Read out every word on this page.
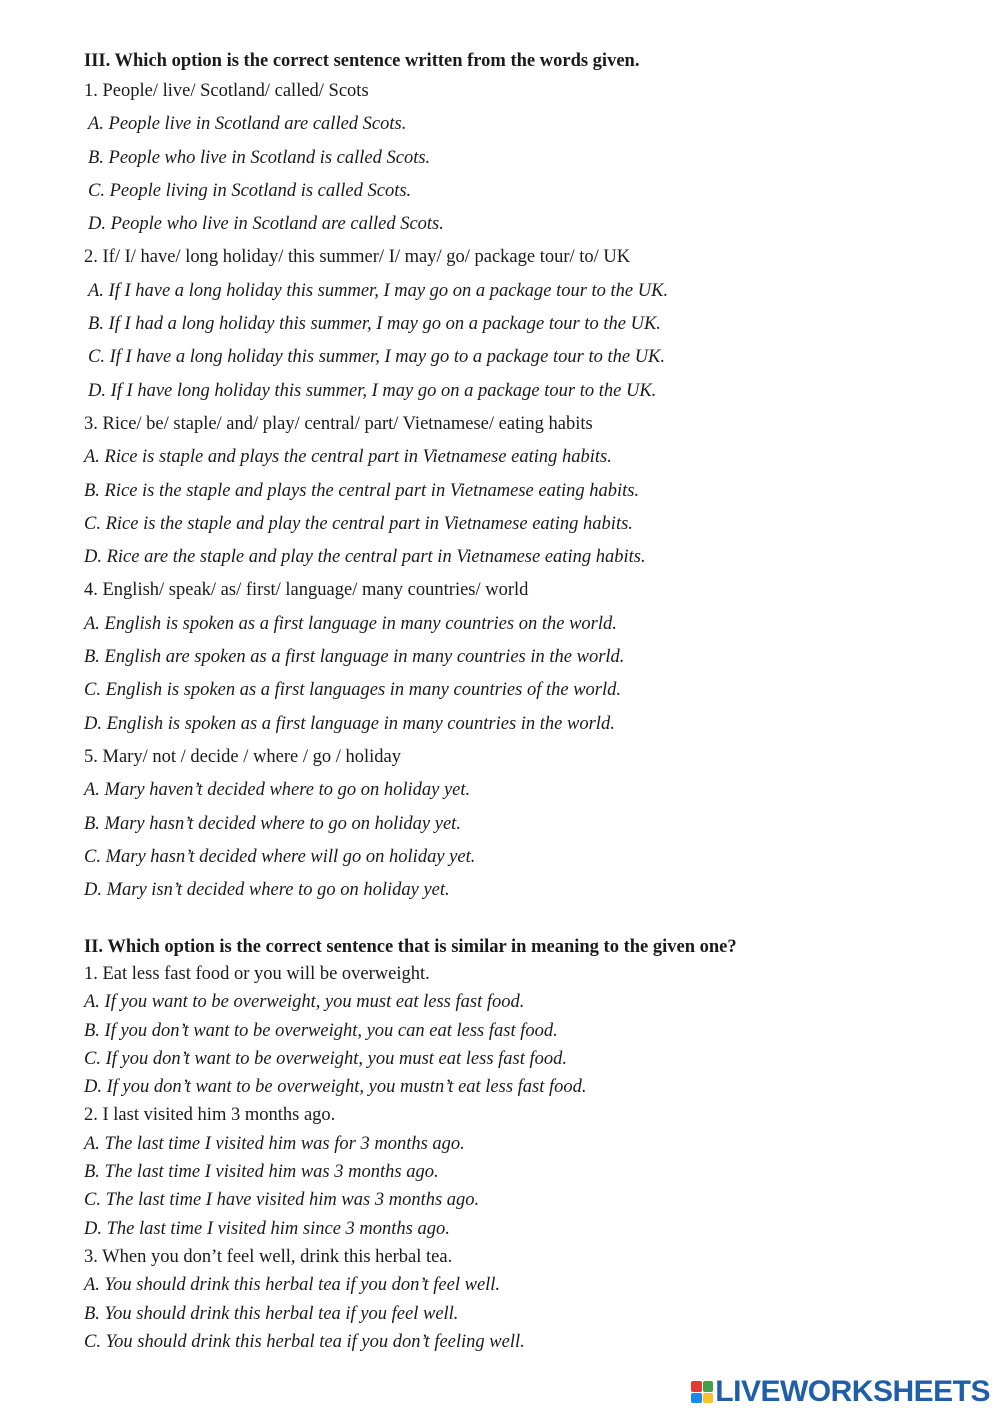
III. Which option is the correct sentence written from the words given.
1. People/ live/ Scotland/ called/ Scots
A. People live in Scotland are called Scots.
B. People who live in Scotland is called Scots.
C. People living in Scotland is called Scots.
D. People who live in Scotland are called Scots.
2. If/ I/ have/ long holiday/ this summer/ I/ may/ go/ package tour/ to/ UK
A. If I have a long holiday this summer, I may go on a package tour to the UK.
B. If I had a long holiday this summer, I may go on a package tour to the UK.
C. If I have a long holiday this summer, I may go to a package tour to the UK.
D. If I have long holiday this summer, I may go on a package tour to the UK.
3. Rice/ be/ staple/ and/ play/ central/ part/ Vietnamese/ eating habits
A. Rice is staple and plays the central part in Vietnamese eating habits.
B. Rice is the staple and plays the central part in Vietnamese eating habits.
C. Rice is the staple and play the central part in Vietnamese eating habits.
D. Rice are the staple and play the central part in Vietnamese eating habits.
4. English/ speak/ as/ first/ language/ many countries/ world
A. English is spoken as a first language in many countries on the world.
B. English are spoken as a first language in many countries in the world.
C. English is spoken as a first languages in many countries of the world.
D. English is spoken as a first language in many countries in the world.
5. Mary/ not / decide / where / go / holiday
A. Mary haven’t decided where to go on holiday yet.
B. Mary hasn’t decided where to go on holiday yet.
C. Mary hasn’t decided where will go on holiday yet.
D. Mary isn’t decided where to go on holiday yet.
II. Which option is the correct sentence that is similar in meaning to the given one?
1. Eat less fast food or you will be overweight.
A. If you want to be overweight, you must eat less fast food.
B. If you don’t want to be overweight, you can eat less fast food.
C. If you don’t want to be overweight, you must eat less fast food.
D. If you don’t want to be overweight, you mustn’t eat less fast food.
2. I last visited him 3 months ago.
A. The last time I visited him was for 3 months ago.
B. The last time I visited him was 3 months ago.
C. The last time I have visited him was 3 months ago.
D. The last time I visited him since 3 months ago.
3. When you don’t feel well, drink this herbal tea.
A. You should drink this herbal tea if you don’t feel well.
B. You should drink this herbal tea if you feel well.
C. You should drink this herbal tea if you don’t feeling well.
LIVEWORKSHEETS
